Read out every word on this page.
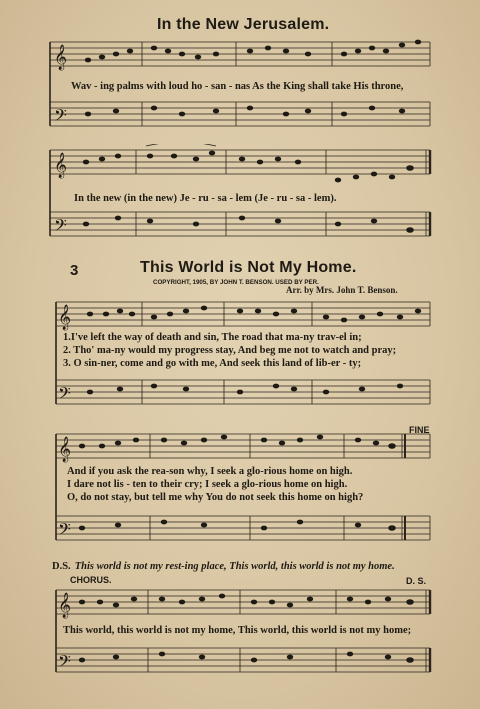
In the New Jerusalem.
𝄞
𝄢
Wav - ing palms with loud ho - san - nas As the King shall take His throne,
𝄞
𝄢
In the new (in the new) Je - ru - sa - lem (Je - ru - sa - lem).
3	This World is Not My Home.
COPYRIGHT, 1905, BY JOHN T. BENSON. USED BY PER.
Arr. by Mrs. John T. Benson.
𝄞
𝄢
1.I've left the way of death and sin, The road that ma-ny trav-el in;
2. Tho' ma-ny would my progress stay, And beg me not to watch and pray;
3. O sin-ner, come and go with me, And seek this land of lib-er - ty;
𝄞
𝄢
FINE
And if you ask the rea-son why, I seek a glo-rious home on high.
I dare not lis - ten to their cry; I seek a glo-rious home on high.
O, do not stay, but tell me why You do not seek this home on high?
D.S. This world is not my rest-ing place, This world, this world is not my home.
CHORUS.	D. S.
𝄞
𝄢
This world, this world is not my home, This world, this world is not my home;
